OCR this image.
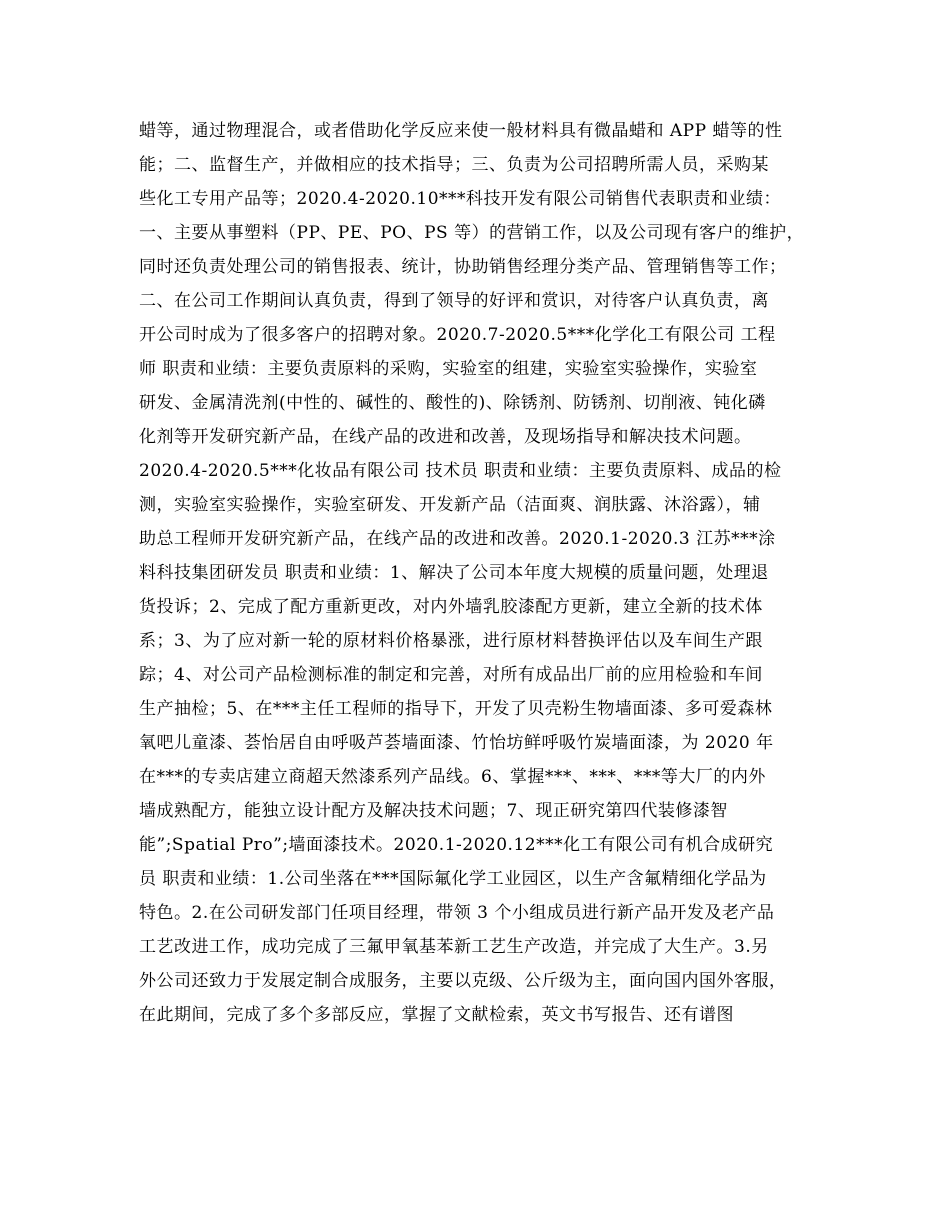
蜡等，通过物理混合，或者借助化学反应来使一般材料具有微晶蜡和 APP 蜡等的性
能；二、监督生产，并做相应的技术指导；三、负责为公司招聘所需人员，采购某
些化工专用产品等；2020.4-2020.10***科技开发有限公司销售代表职责和业绩：
一、主要从事塑料（PP、PE、PO、PS 等）的营销工作，以及公司现有客户的维护，
同时还负责处理公司的销售报表、统计，协助销售经理分类产品、管理销售等工作；
二、在公司工作期间认真负责，得到了领导的好评和赏识，对待客户认真负责，离
开公司时成为了很多客户的招聘对象。2020.7-2020.5***化学化工有限公司 工程
师 职责和业绩：主要负责原料的采购，实验室的组建，实验室实验操作，实验室
研发、金属清洗剂(中性的、碱性的、酸性的)、除锈剂、防锈剂、切削液、钝化磷
化剂等开发研究新产品，在线产品的改进和改善，及现场指导和解决技术问题。
2020.4-2020.5***化妆品有限公司 技术员 职责和业绩：主要负责原料、成品的检
测，实验室实验操作，实验室研发、开发新产品（洁面爽、润肤露、沐浴露），辅
助总工程师开发研究新产品，在线产品的改进和改善。2020.1-2020.3 江苏***涂
料科技集团研发员 职责和业绩：1、解决了公司本年度大规模的质量问题，处理退
货投诉；2、完成了配方重新更改，对内外墙乳胶漆配方更新，建立全新的技术体
系；3、为了应对新一轮的原材料价格暴涨，进行原材料替换评估以及车间生产跟
踪；4、对公司产品检测标准的制定和完善，对所有成品出厂前的应用检验和车间
生产抽检；5、在***主任工程师的指导下，开发了贝壳粉生物墙面漆、多可爱森林
氧吧儿童漆、荟怡居自由呼吸芦荟墙面漆、竹怡坊鲜呼吸竹炭墙面漆，为 2020 年
在***的专卖店建立商超天然漆系列产品线。6、掌握***、***、***等大厂的内外
墙成熟配方，能独立设计配方及解决技术问题；7、现正研究第四代装修漆智
能”;Spatial Pro”;墙面漆技术。2020.1-2020.12***化工有限公司有机合成研究
员 职责和业绩：1.公司坐落在***国际氟化学工业园区，以生产含氟精细化学品为
特色。2.在公司研发部门任项目经理，带领 3 个小组成员进行新产品开发及老产品
工艺改进工作，成功完成了三氟甲氧基苯新工艺生产改造，并完成了大生产。3.另
外公司还致力于发展定制合成服务，主要以克级、公斤级为主，面向国内国外客服，
在此期间，完成了多个多部反应，掌握了文献检索，英文书写报告、还有谱图
